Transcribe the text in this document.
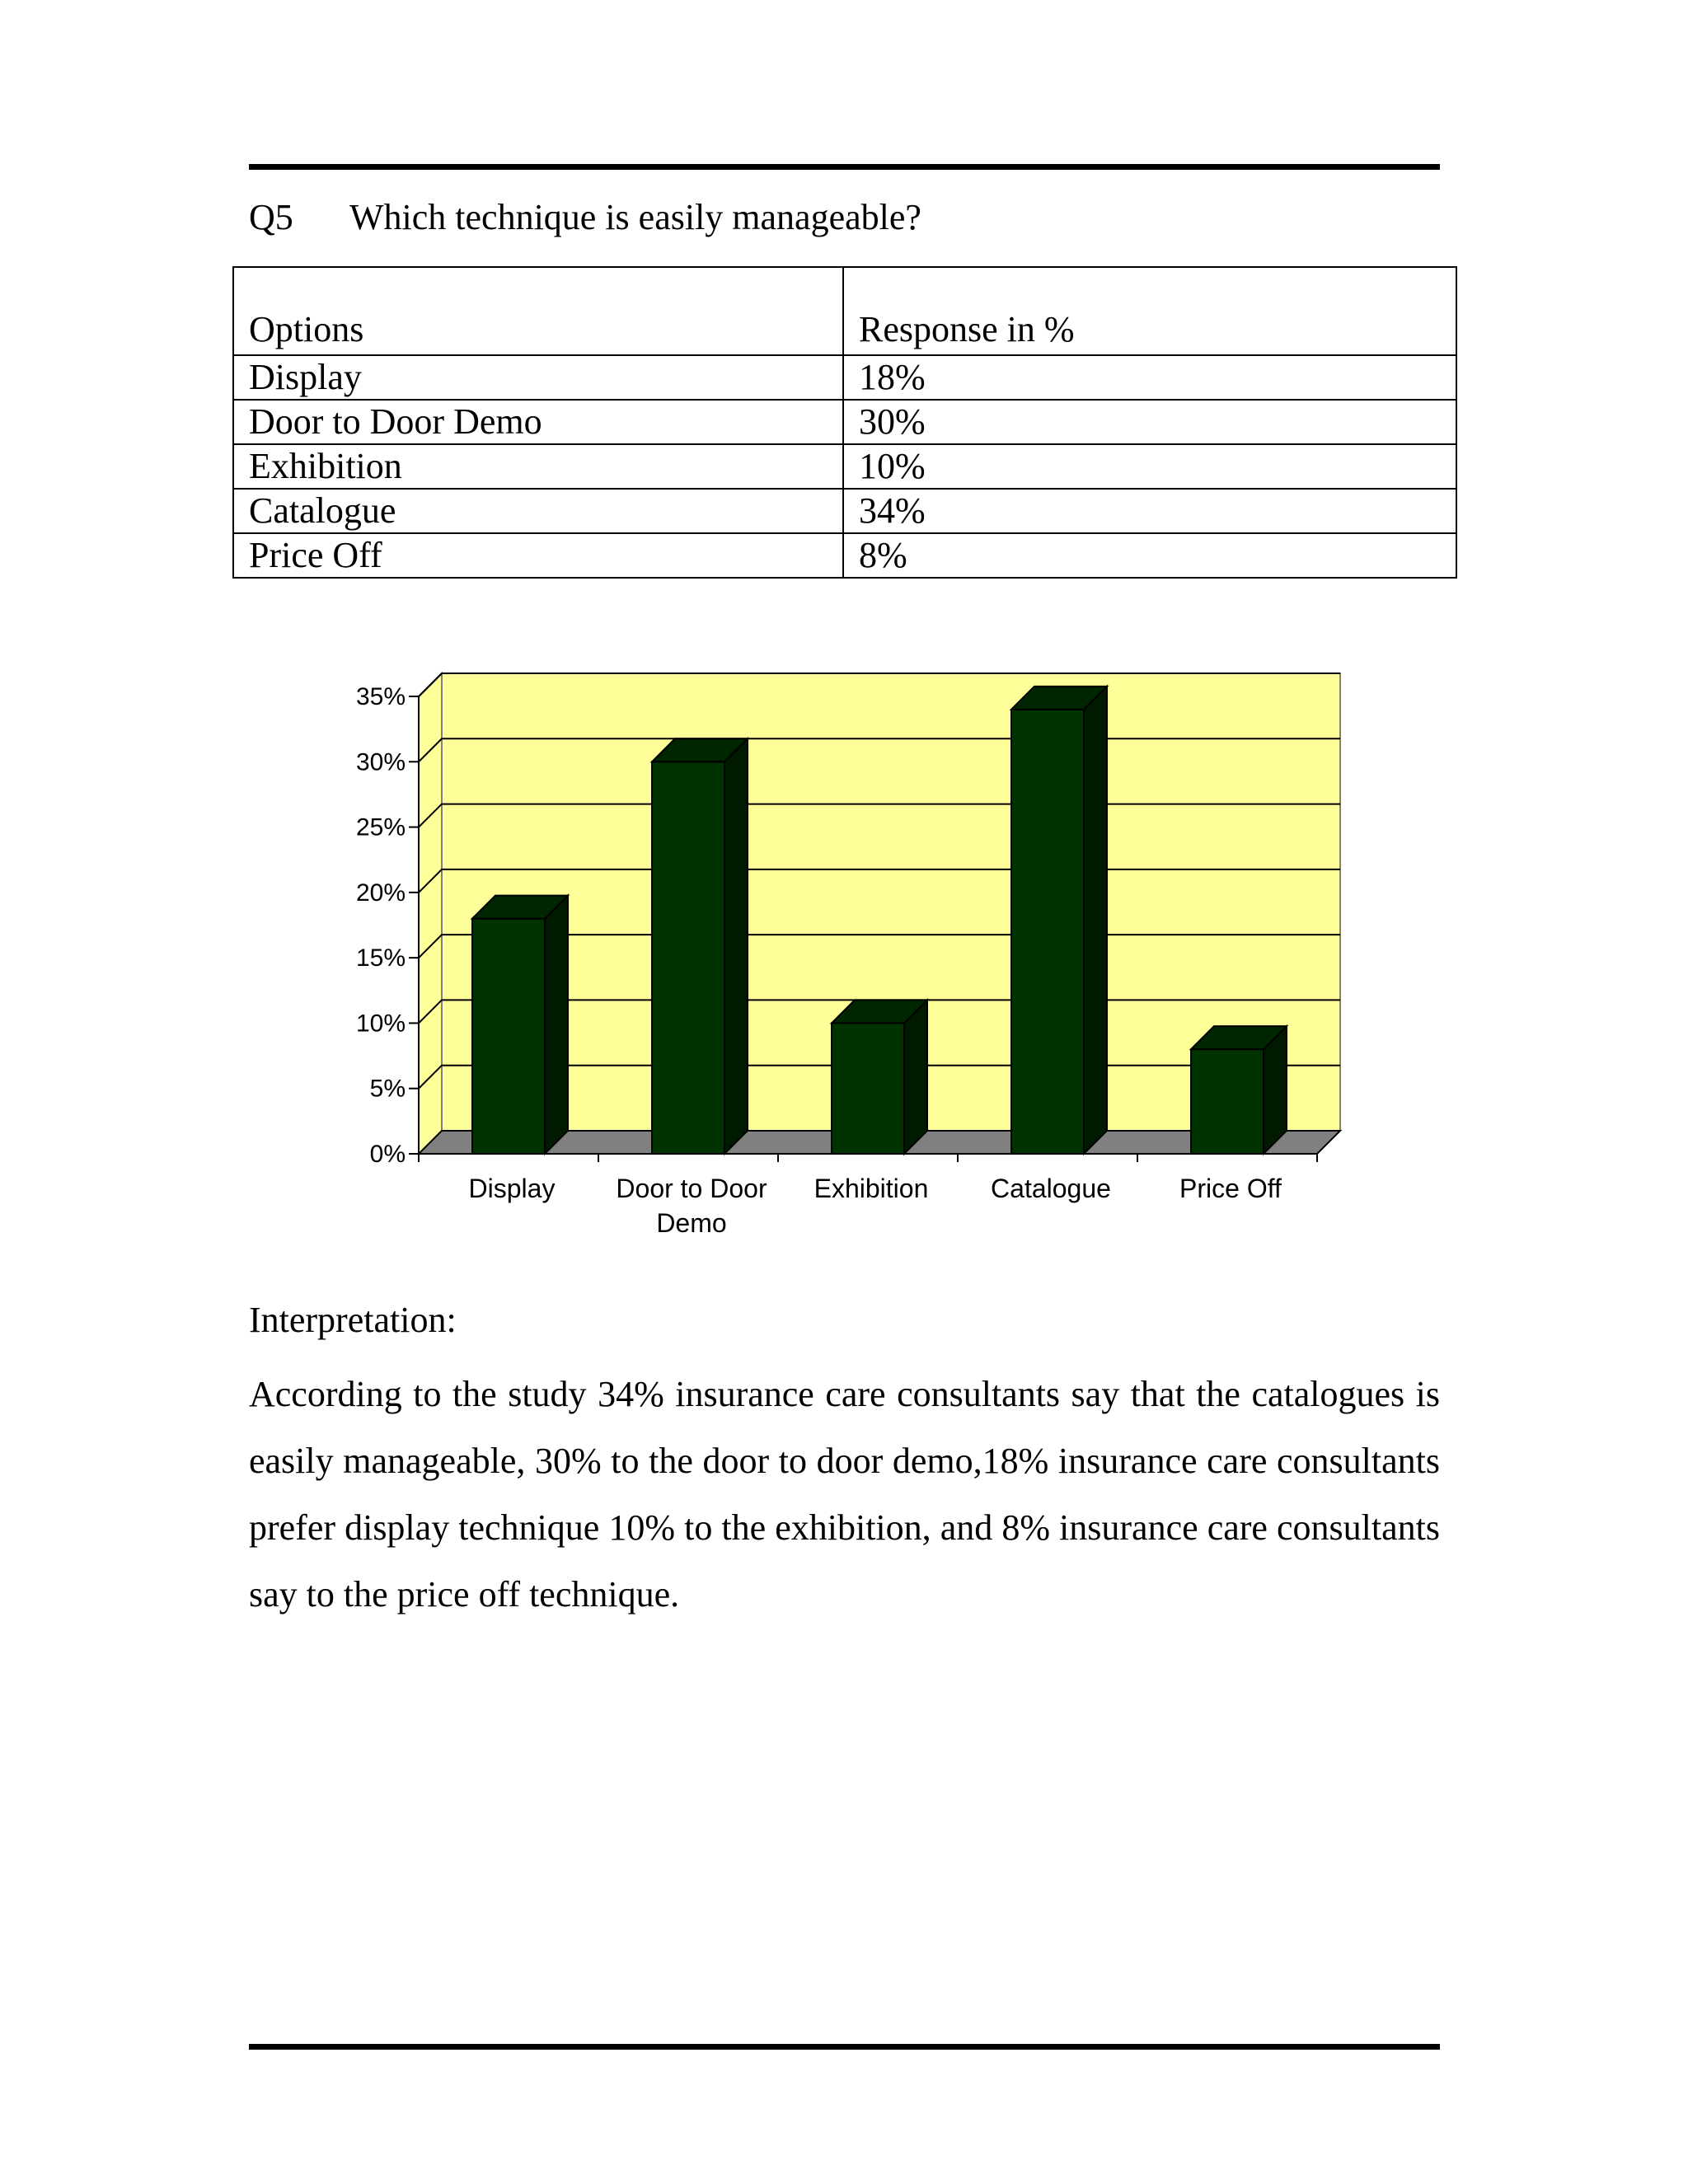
Q5 Which technique is easily manageable?
Options	Response in %
Display	18%
Door to Door Demo	30%
Exhibition	10%
Catalogue	34%
Price Off	8%
0%
5%
10%
15%
20%
25%
30%
35%
Display Door to Door
Demo
Exhibition Catalogue	Price Off
Interpretation:
According to the study 34% insurance care consultants say that the catalogues is easily manageable, 30% to the door to door demo,18% insurance care consultants prefer display technique 10% to the exhibition, and 8% insurance care consultants say to the price off technique.
